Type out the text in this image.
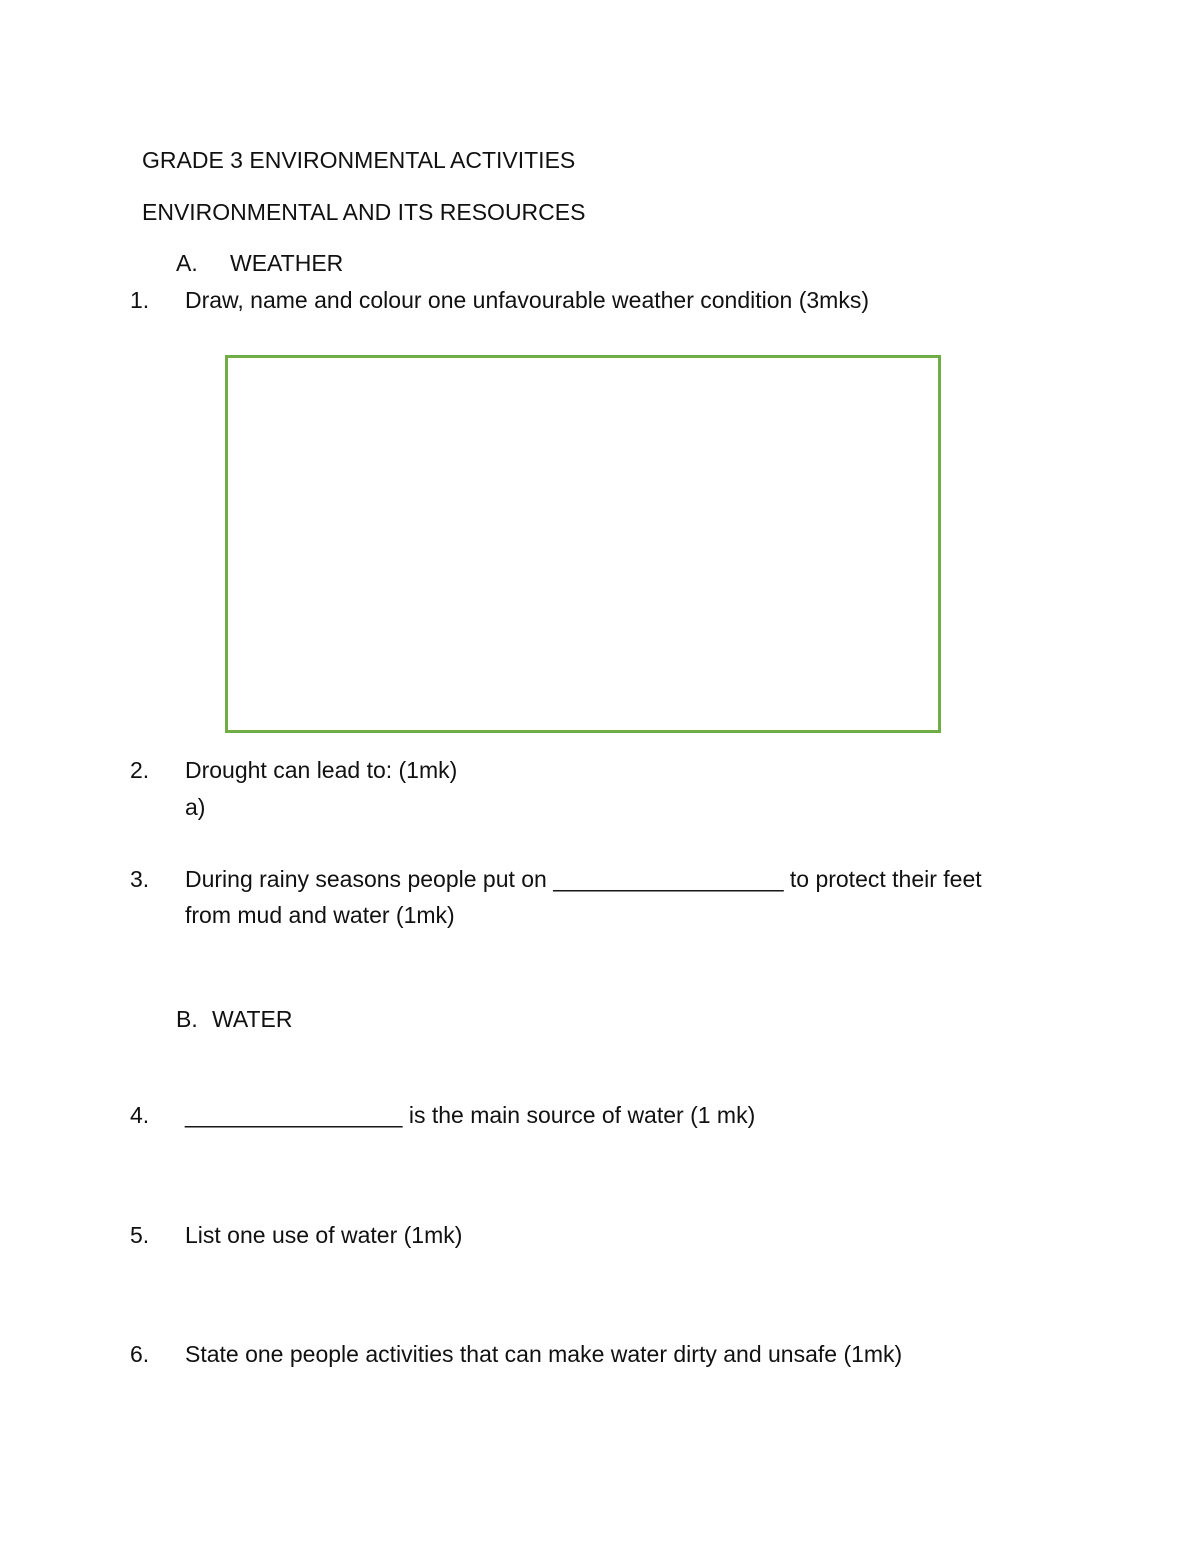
GRADE 3 ENVIRONMENTAL ACTIVITIES
ENVIRONMENTAL AND ITS RESOURCES
A. WEATHER
1. Draw, name and colour one unfavourable weather condition (3mks)
2. Drought can lead to: (1mk)
a)
3. During rainy seasons people put on __________________ to protect their feet
from mud and water (1mk)
B. WATER
4. _________________ is the main source of water (1 mk)
5. List one use of water (1mk)
6. State one people activities that can make water dirty and unsafe (1mk)
